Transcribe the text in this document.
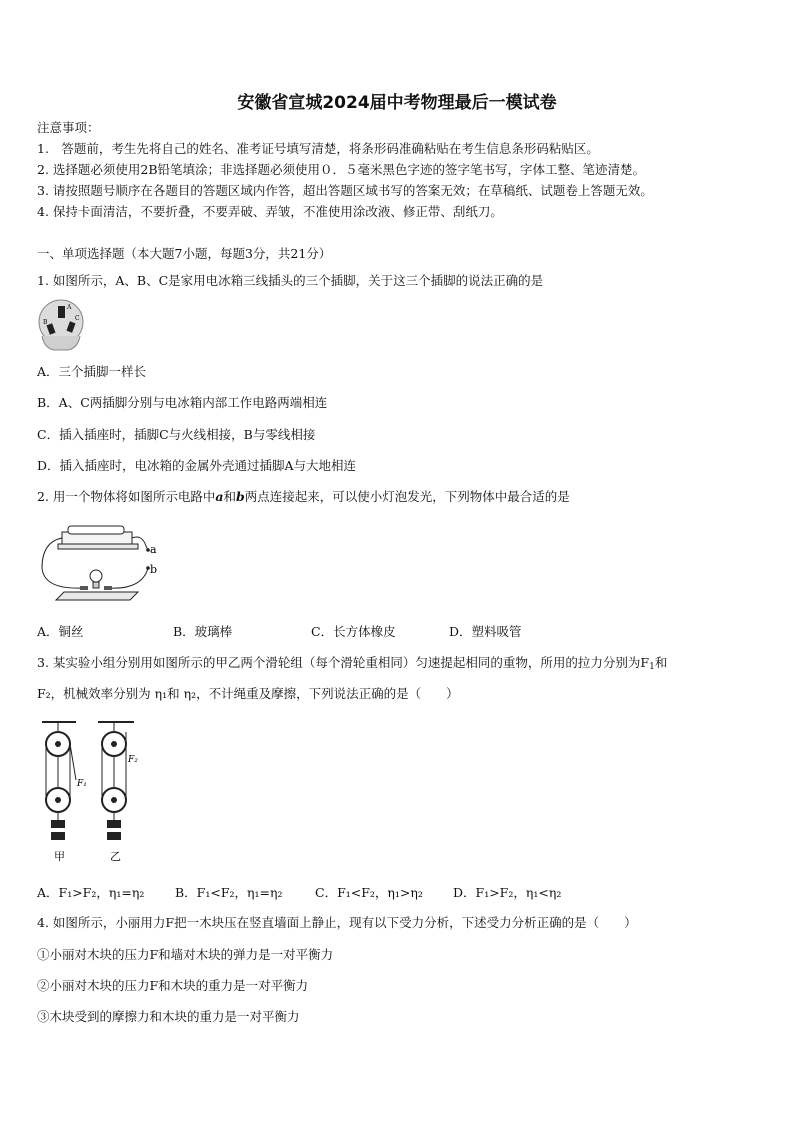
安徽省宣城2024届中考物理最后一模试卷
注意事项：
1.　答题前，考生先将自己的姓名、准考证号填写清楚，将条形码准确粘贴在考生信息条形码粘贴区。
2. 选择题必须使用2B铅笔填涂；非选择题必须使用０．５毫米黑色字迹的签字笔书写，字体工整、笔迹清楚。
3. 请按照题号顺序在各题目的答题区域内作答，超出答题区域书写的答案无效；在草稿纸、试题卷上答题无效。
4. 保持卡面清洁，不要折叠，不要弄破、弄皱，不准使用涂改液、修正带、刮纸刀。
一、单项选择题（本大题7小题，每题3分，共21分）
1. 如图所示，A、B、C是家用电冰箱三线插头的三个插脚，关于这三个插脚的说法正确的是
A
B
C
A．三个插脚一样长
B．A、C两插脚分别与电冰箱内部工作电路两端相连
C．插入插座时，插脚C与火线相接，B与零线相接
D．插入插座时，电冰箱的金属外壳通过插脚A与大地相连
2. 用一个物体将如图所示电路中a和b两点连接起来，可以使小灯泡发光，下列物体中最合适的是
a
b
A．铜丝	B．玻璃棒	C．长方体橡皮	D．塑料吸管
3. 某实验小组分别用如图所示的甲乙两个滑轮组（每个滑轮重相同）匀速提起相同的重物，所用的拉力分别为$F_1$和
F₂，机械效率分别为 η₁和 η₂，不计绳重及摩擦，下列说法正确的是（　　）
F₁
甲
F₂
乙
A．F₁>F₂，η₁=η₂ B．F₁<F₂，η₁=η₂	C．F₁<F₂，η₁>η₂ D．F₁>F₂，η₁<η₂
4. 如图所示，小丽用力F把一木块压在竖直墙面上静止，现有以下受力分析，下述受力分析正确的是（　　）
①小丽对木块的压力F和墙对木块的弹力是一对平衡力
②小丽对木块的压力F和木块的重力是一对平衡力
③木块受到的摩擦力和木块的重力是一对平衡力
